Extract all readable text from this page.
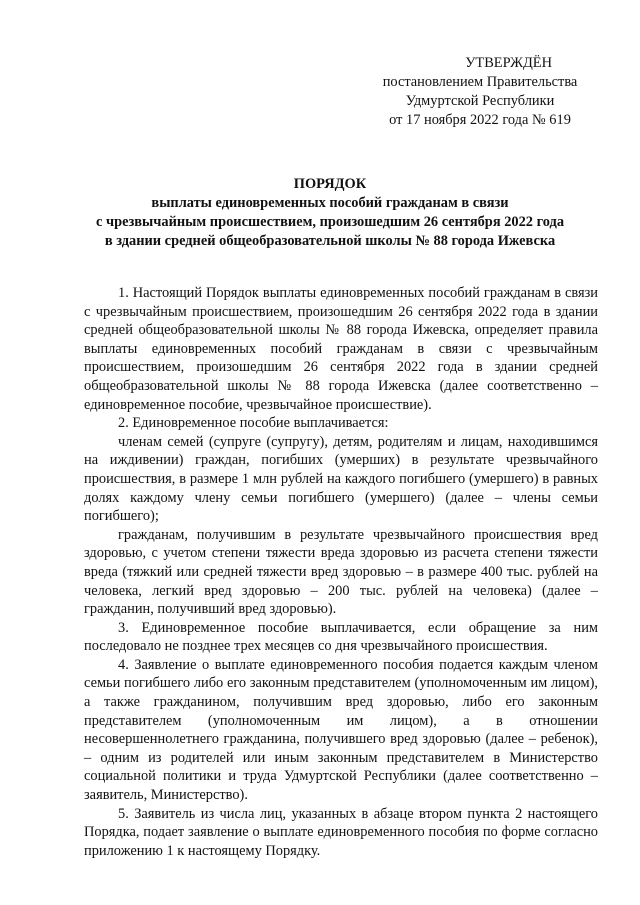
УТВЕРЖДЁН
постановлением Правительства
Удмуртской Республики
от 17 ноября 2022 года № 619
ПОРЯДОК
выплаты единовременных пособий гражданам в связи
с чрезвычайным происшествием, произошедшим 26 сентября 2022 года
в здании средней общеобразовательной школы № 88 города Ижевска

1. Настоящий Порядок выплаты единовременных пособий гражданам в связи с чрезвычайным происшествием, произошедшим 26 сентября 2022 года в здании средней общеобразовательной школы № 88 города Ижевска, определяет правила выплаты единовременных пособий гражданам в связи с чрезвычайным происшествием, произошедшим 26 сентября 2022 года в здании средней общеобразовательной школы № 88 города Ижевска (далее соответственно – единовременное пособие, чрезвычайное происшествие).

2. Единовременное пособие выплачивается:

членам семей (супруге (супругу), детям, родителям и лицам, находившимся на иждивении) граждан, погибших (умерших) в результате чрезвычайного происшествия, в размере 1 млн рублей на каждого погибшего (умершего) в равных долях каждому члену семьи погибшего (умершего) (далее – члены семьи погибшего);

гражданам, получившим в результате чрезвычайного происшествия вред здоровью, с учетом степени тяжести вреда здоровью из расчета степени тяжести вреда (тяжкий или средней тяжести вред здоровью – в размере 400 тыс. рублей на человека, легкий вред здоровью – 200 тыс. рублей на человека) (далее – гражданин, получивший вред здоровью).

3. Единовременное пособие выплачивается, если обращение за ним последовало не позднее трех месяцев со дня чрезвычайного происшествия.

4. Заявление о выплате единовременного пособия подается каждым членом семьи погибшего либо его законным представителем (уполномоченным им лицом), а также гражданином, получившим вред здоровью, либо его законным представителем (уполномоченным им лицом), а в отношении несовершеннолетнего гражданина, получившего вред здоровью (далее – ребенок), – одним из родителей или иным законным представителем в Министерство социальной политики и труда Удмуртской Республики (далее соответственно – заявитель, Министерство).

5. Заявитель из числа лиц, указанных в абзаце втором пункта 2 настоящего Порядка, подает заявление о выплате единовременного пособия по форме согласно приложению 1 к настоящему Порядку.
